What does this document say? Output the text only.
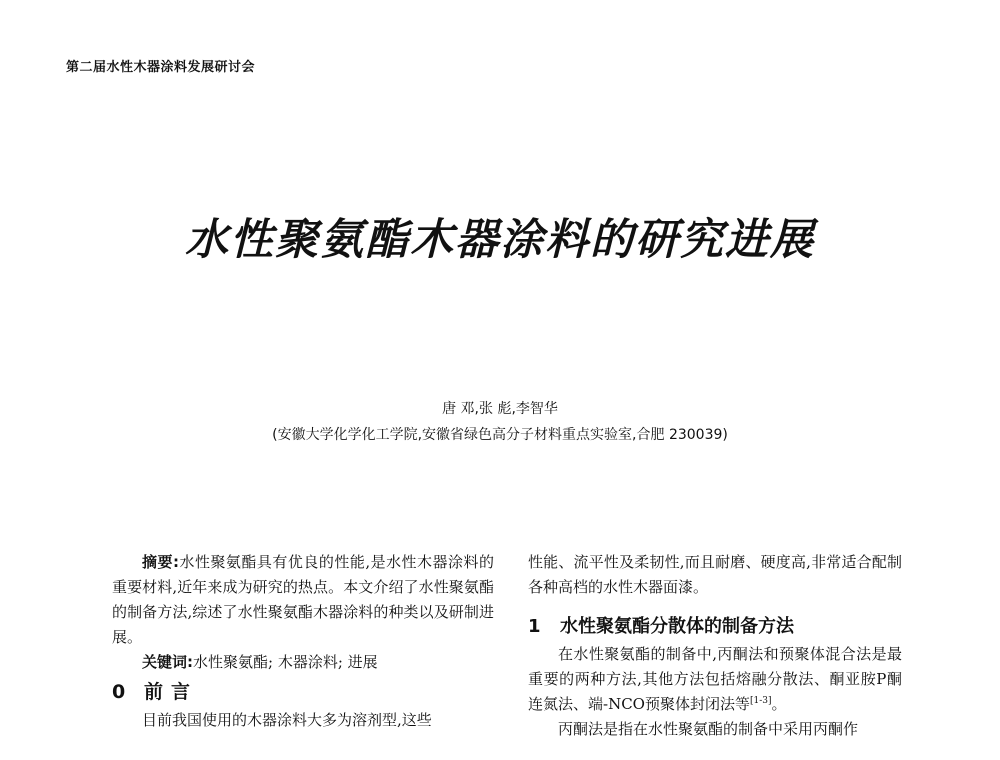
第二届水性木器涂料发展研讨会
水性聚氨酯木器涂料的研究进展
唐 邓,张 彪,李智华
(安徽大学化学化工学院,安徽省绿色高分子材料重点实验室,合肥 230039)

摘要:水性聚氨酯具有优良的性能,是水性木器涂料的重要材料,近年来成为研究的热点。本文介绍了水性聚氨酯的制备方法,综述了水性聚氨酯木器涂料的种类以及研制进展。

关键词:水性聚氨酯; 木器涂料; 进展

0 前言

目前我国使用的木器涂料大多为溶剂型,这些

性能、流平性及柔韧性,而且耐磨、硬度高,非常适合配制各种高档的水性木器面漆。

1	水性聚氨酯分散体的制备方法

在水性聚氨酯的制备中,丙酮法和预聚体混合法是最重要的两种方法,其他方法包括熔融分散法、酮亚胺P酮连氮法、端-NCO预聚体封闭法等[1-3]。

丙酮法是指在水性聚氨酯的制备中采用丙酮作
